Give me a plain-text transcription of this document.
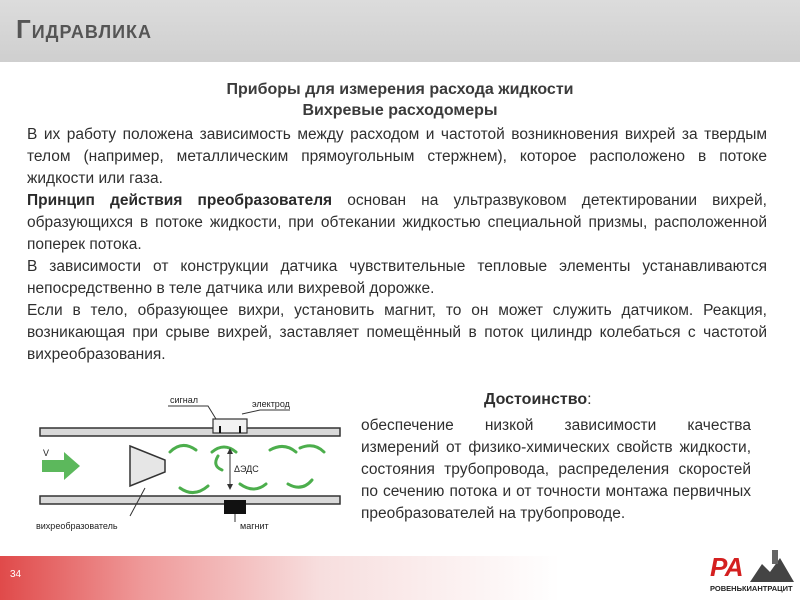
Гидравлика
Приборы для измерения расхода жидкости
Вихревые расходомеры

В их работу положена зависимость между расходом и частотой возникновения вихрей за твердым телом (например, металлическим прямоугольным стержнем), которое расположено в потоке жидкости или газа.

Принцип действия преобразователя основан на ультразвуковом детектировании вихрей, образующихся в потоке жидкости, при обтекании жидкостью специальной призмы, расположенной поперек потока.

В зависимости от конструкции датчика чувствительные тепловые элементы устанавливаются непосредственно в теле датчика или вихревой дорожке.

Если в тело, образующее вихри, установить магнит, то он может служить датчиком. Реакция, возникающая при срыве вихрей, заставляет помещённый в поток цилиндр колебаться с частотой вихреобразования.

сигнал	электрод
V
ΔЭДС
магнит
вихреобразователь
Достоинство:
обеспечение низкой зависимости качества измерений от физико-химических свойств жидкости, состояния трубопровода, распределения скоростей по сечению потока и от точности монтажа первичных преобразователей на трубопроводе.
34	РА
РОВЕНЬКИАНТРАЦИТ
